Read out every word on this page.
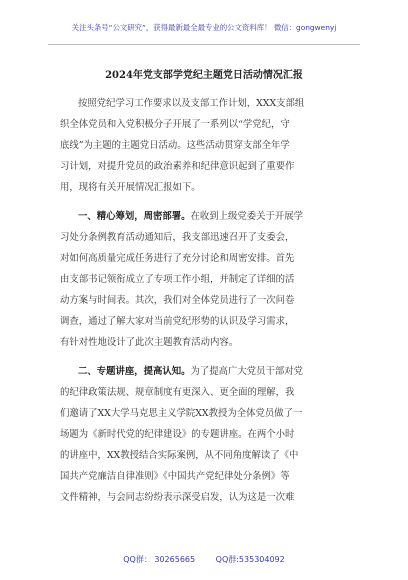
关注头条号“公文研究”，获得最新最全最专业的公文资料库！ 微信：gongwenyj
2024年党支部学党纪主题党日活动情况汇报
按照党纪学习工作要求以及支部工作计划，XXX支部组
织全体党员和入党积极分子开展了一系列以“学党纪，守
底线”为主题的主题党日活动。这些活动贯穿支部全年学
习计划，对提升党员的政治素养和纪律意识起到了重要作
用，现将有关开展情况汇报如下。
一、精心筹划，周密部署。在收到上级党委关于开展学
习处分条例教育活动通知后，我支部迅速召开了支委会，
对如何高质量完成任务进行了充分讨论和周密安排。首先
由支部书记领衔成立了专项工作小组，并制定了详细的活
动方案与时间表。其次，我们对全体党员进行了一次问卷
调查，通过了解大家对当前党纪形势的认识及学习需求，
有针对性地设计了此次主题教育活动内容。
二、专题讲座，提高认知。为了提高广大党员干部对党
的纪律政策法规、规章制度有更深入、更全面的理解，我
们邀请了XX大学马克思主义学院XX教授为全体党员做了一
场题为《新时代党的纪律建设》的专题讲座。在两个小时
的讲座中，XX教授结合实际案例，从不同角度解读了《中
国共产党廉洁自律准则》《中国共产党纪律处分条例》等
文件精神，与会同志纷纷表示深受启发，认为这是一次难
QQ群： 30265665	QQ群:535304092
